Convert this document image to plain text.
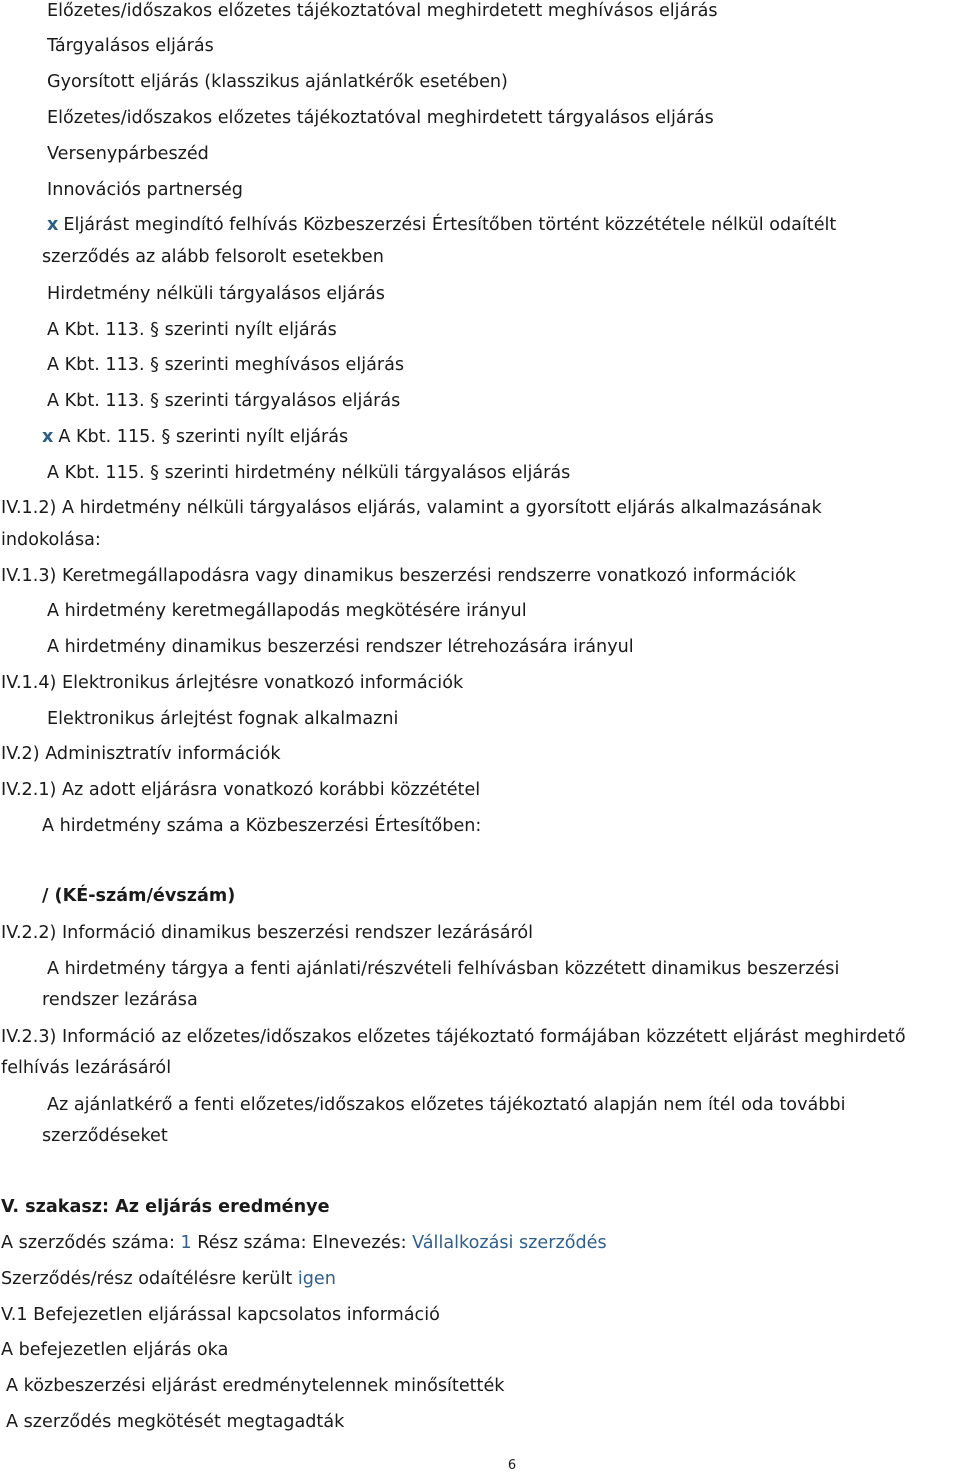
Előzetes/időszakos előzetes tájékoztatóval meghirdetett meghívásos eljárás
Tárgyalásos eljárás
Gyorsított eljárás (klasszikus ajánlatkérők esetében)
Előzetes/időszakos előzetes tájékoztatóval meghirdetett tárgyalásos eljárás
Versenypárbeszéd
Innovációs partnerség
x Eljárást megindító felhívás Közbeszerzési Értesítőben történt közzététele nélkül odaítélt
szerződés az alább felsorolt esetekben
Hirdetmény nélküli tárgyalásos eljárás
A Kbt. 113. § szerinti nyílt eljárás
A Kbt. 113. § szerinti meghívásos eljárás
A Kbt. 113. § szerinti tárgyalásos eljárás
x A Kbt. 115. § szerinti nyílt eljárás
A Kbt. 115. § szerinti hirdetmény nélküli tárgyalásos eljárás
IV.1.2) A hirdetmény nélküli tárgyalásos eljárás, valamint a gyorsított eljárás alkalmazásának
indokolása:
IV.1.3) Keretmegállapodásra vagy dinamikus beszerzési rendszerre vonatkozó információk
A hirdetmény keretmegállapodás megkötésére irányul
A hirdetmény dinamikus beszerzési rendszer létrehozására irányul
IV.1.4) Elektronikus árlejtésre vonatkozó információk
Elektronikus árlejtést fognak alkalmazni
IV.2) Adminisztratív információk
IV.2.1) Az adott eljárásra vonatkozó korábbi közzététel
A hirdetmény száma a Közbeszerzési Értesítőben:
/ (KÉ-szám/évszám)
IV.2.2) Információ dinamikus beszerzési rendszer lezárásáról
A hirdetmény tárgya a fenti ajánlati/részvételi felhívásban közzétett dinamikus beszerzési
rendszer lezárása
IV.2.3) Információ az előzetes/időszakos előzetes tájékoztató formájában közzétett eljárást meghirdető
felhívás lezárásáról
Az ajánlatkérő a fenti előzetes/időszakos előzetes tájékoztató alapján nem ítél oda további
szerződéseket
V. szakasz: Az eljárás eredménye
A szerződés száma: 1 Rész száma: Elnevezés: Vállalkozási szerződés
Szerződés/rész odaítélésre került igen
V.1 Befejezetlen eljárással kapcsolatos információ
A befejezetlen eljárás oka
A közbeszerzési eljárást eredménytelennek minősítették
A szerződés megkötését megtagadták
6
